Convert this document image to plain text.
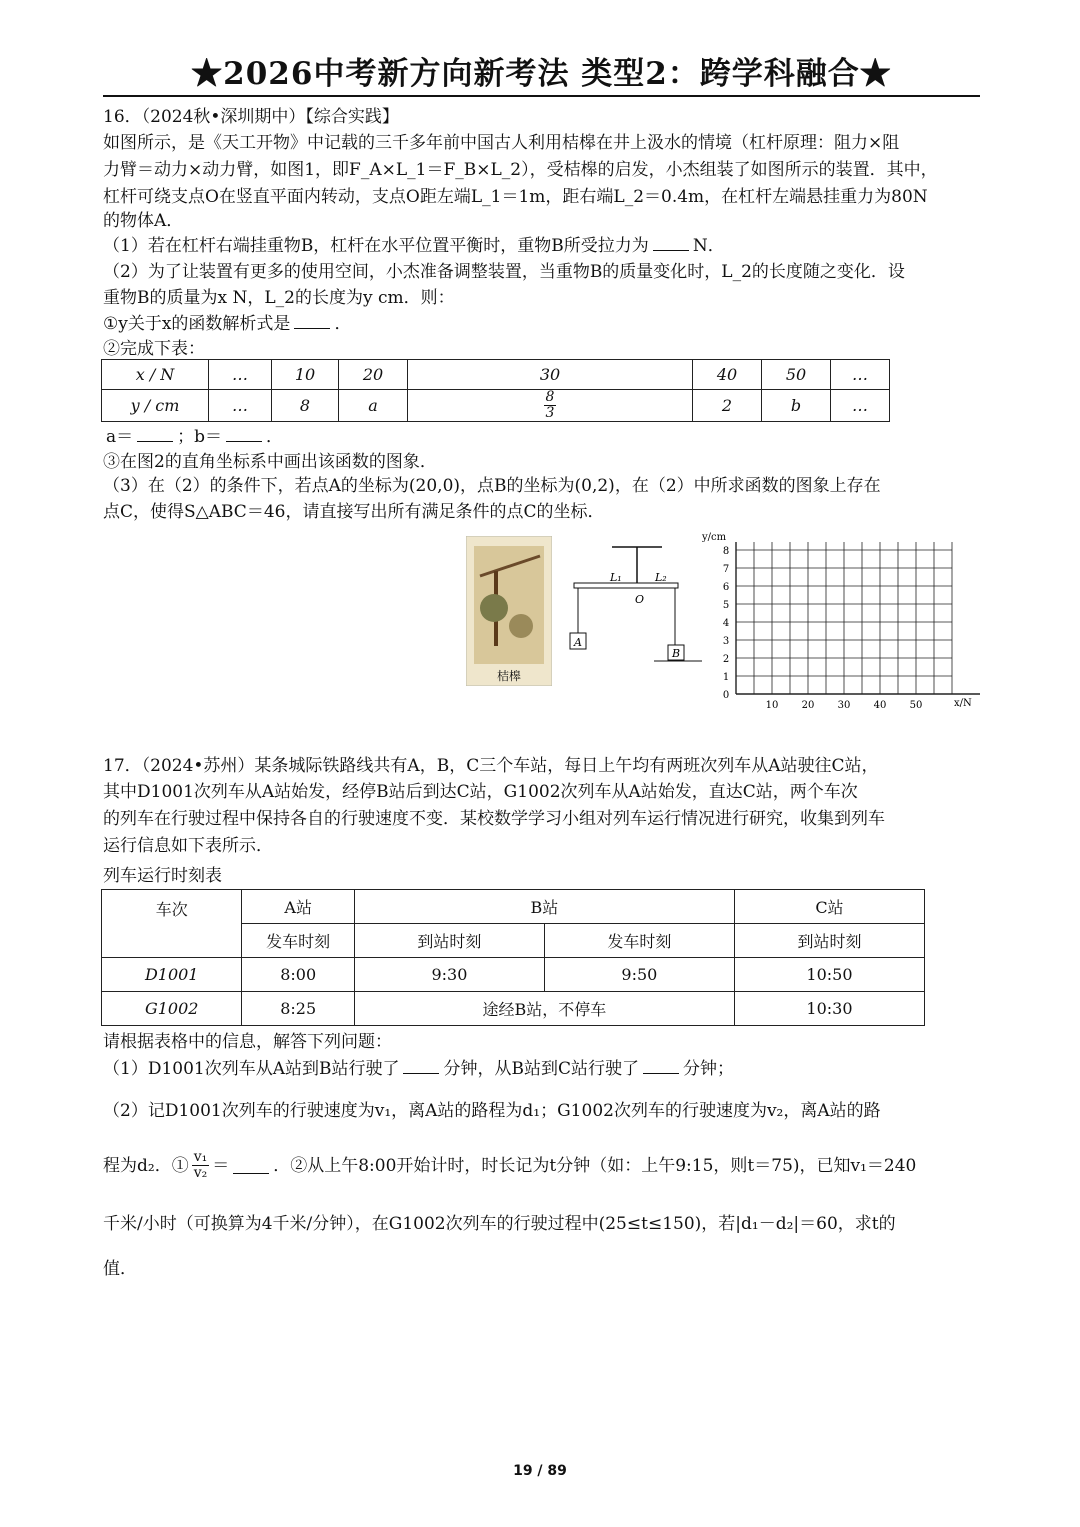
★2026中考新方向新考法 类型2：跨学科融合★
16．（2024秋•深圳期中）【综合实践】
如图所示，是《天工开物》中记载的三千多年前中国古人利用桔槔在井上汲水的情境（杠杆原理：阻力×阻
力臂＝动力×动力臂，如图1，即F_A×L_1＝F_B×L_2），受桔槔的启发，小杰组装了如图所示的装置．其中，
杠杆可绕支点O在竖直平面内转动，支点O距左端L_1＝1m，距右端L_2＝0.4m，在杠杆左端悬挂重力为80N
的物体A．
（1）若在杠杆右端挂重物B，杠杆在水平位置平衡时，重物B所受拉力为	N．
（2）为了让装置有更多的使用空间，小杰准备调整装置，当重物B的质量变化时，L_2的长度随之变化．设
重物B的质量为x N，L_2的长度为y cm．则：
①y关于x的函数解析式是	．
②完成下表：
x / N	…	10	20	30	40	50	…
y / cm	…	8	a	$\frac{8}{3}$	2	b	…
a＝	；b＝	．
③在图2的直角坐标系中画出该函数的图象．
（3）在（2）的条件下，若点A的坐标为(20,0)，点B的坐标为(0,2)，在（2）中所求函数的图象上存在
点C，使得S△ABC＝46，请直接写出所有满足条件的点C的坐标．
桔槔
A
B
L₁	L₂
O
y/cm
x/N
0
1
2
3
4
5
6
7
8
10 20 30 40 50
17．（2024•苏州）某条城际铁路线共有A，B，C三个车站，每日上午均有两班次列车从A站驶往C站，
其中D1001次列车从A站始发，经停B站后到达C站，G1002次列车从A站始发，直达C站，两个车次
的列车在行驶过程中保持各自的行驶速度不变．某校数学学习小组对列车运行情况进行研究，收集到列车
运行信息如下表所示．
列车运行时刻表
车次	A站	B站		C站
	发车时刻	到站时刻	发车时刻	到站时刻
D1001	8:00	9:30	9:50	10:50
G1002	8:25	途经B站，不停车		10:30
请根据表格中的信息，解答下列问题：
（1）D1001次列车从A站到B站行驶了	分钟，从B站到C站行驶了	分钟；
（2）记D1001次列车的行驶速度为v₁，离A站的路程为d₁；G1002次列车的行驶速度为v₂，离A站的路
程为d₂．① $\frac{\text{v₁}}{\text{v₂}}$ ＝	．②从上午8:00开始计时，时长记为t分钟（如：上午9:15，则t＝75)，已知v₁＝240
千米/小时（可换算为4千米/分钟），在G1002次列车的行驶过程中(25≤t≤150)，若|d₁－d₂|＝60，求t的
值．
19 / 89
